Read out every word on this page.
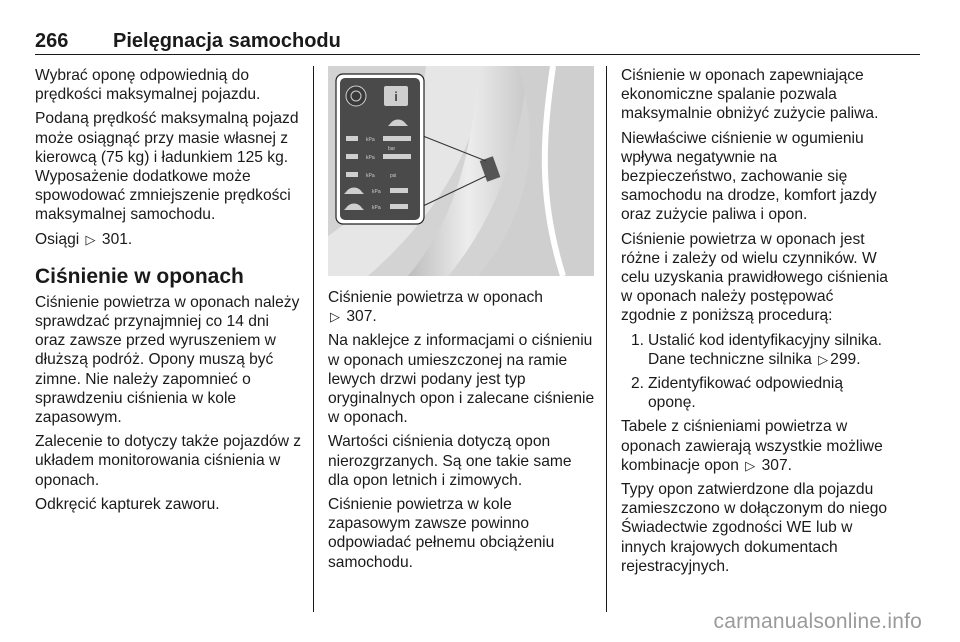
266 Pielęgnacja samochodu

Wybrać oponę odpowiednią do prędkości maksymalnej pojazdu.

Podaną prędkość maksymalną pojazd może osiągnąć przy masie własnej z kierowcą (75 kg) i ładunkiem 125 kg. Wyposażenie dodatkowe może spowodować zmniejszenie prędkości maksymalnej samochodu.

Osiągi ▷ 301.

Ciśnienie w oponach

Ciśnienie powietrza w oponach należy sprawdzać przynajmniej co 14 dni oraz zawsze przed wyruszeniem w dłuższą podróż. Opony muszą być zimne. Nie należy zapomnieć o sprawdzeniu ciśnienia w kole zapasowym.

Zalecenie to dotyczy także pojazdów z układem monitorowania ciśnienia w oponach.

Odkręcić kapturek zaworu.

i
kPa
kPa
bar
kPa	psi
kPa
kPa

Ciśnienie powietrza w oponach
▷ 307.

Na naklejce z informacjami o ciśnieniu w oponach umieszczonej na ramie lewych drzwi podany jest typ oryginalnych opon i zalecane ciśnienie w oponach.

Wartości ciśnienia dotyczą opon nierozgrzanych. Są one takie same dla opon letnich i zimowych.

Ciśnienie powietrza w kole zapasowym zawsze powinno odpowiadać pełnemu obciążeniu samochodu.

Ciśnienie w oponach zapewniające ekonomiczne spalanie pozwala maksymalnie obniżyć zużycie paliwa.

Niewłaściwe ciśnienie w ogumieniu wpływa negatywnie na bezpieczeństwo, zachowanie się samochodu na drodze, komfort jazdy oraz zużycie paliwa i opon.

Ciśnienie powietrza w oponach jest różne i zależy od wielu czynników. W celu uzyskania prawidłowego ciśnienia w oponach należy postępować zgodnie z poniższą procedurą:

1. Ustalić kod identyfikacyjny silnika. Dane techniczne silnika ▷ 299.
2. Zidentyfikować odpowiednią oponę.

Tabele z ciśnieniami powietrza w oponach zawierają wszystkie możliwe kombinacje opon ▷ 307.

Typy opon zatwierdzone dla pojazdu zamieszczono w dołączonym do niego Świadectwie zgodności WE lub w innych krajowych dokumentach rejestracyjnych.

carmanualsonline.info
